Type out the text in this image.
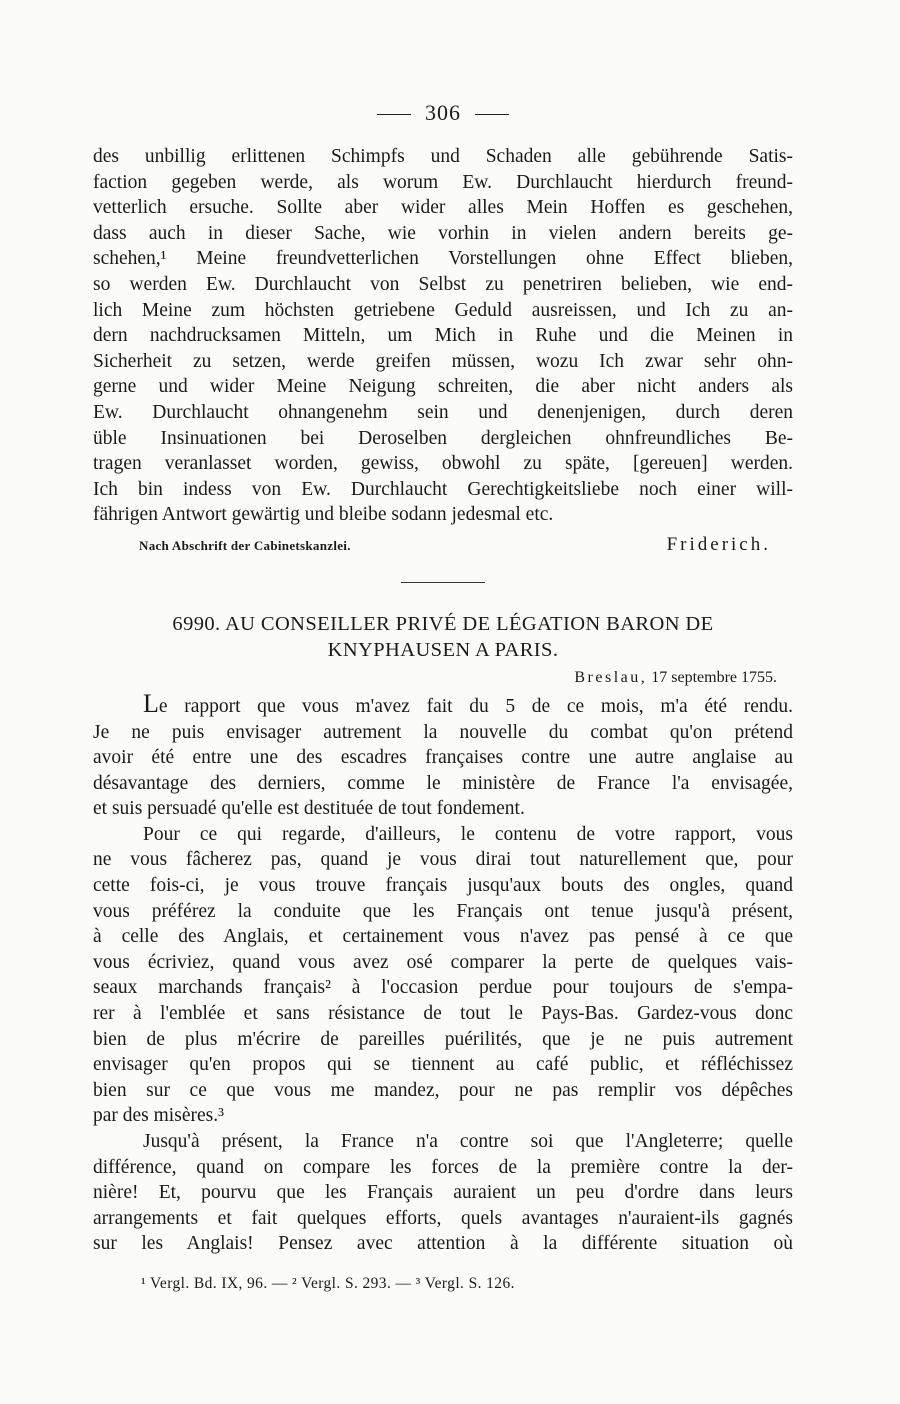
306
des unbillig erlittenen Schimpfs und Schaden alle gebührende Satis-
faction gegeben werde, als worum Ew. Durchlaucht hierdurch freund-
vetterlich ersuche. Sollte aber wider alles Mein Hoffen es geschehen,
dass auch in dieser Sache, wie vorhin in vielen andern bereits ge-
schehen,¹ Meine freundvetterlichen Vorstellungen ohne Effect blieben,
so werden Ew. Durchlaucht von Selbst zu penetriren belieben, wie end-
lich Meine zum höchsten getriebene Geduld ausreissen, und Ich zu an-
dern nachdrucksamen Mitteln, um Mich in Ruhe und die Meinen in
Sicherheit zu setzen, werde greifen müssen, wozu Ich zwar sehr ohn-
gerne und wider Meine Neigung schreiten, die aber nicht anders als
Ew. Durchlaucht ohnangenehm sein und denenjenigen, durch deren
üble Insinuationen bei Deroselben dergleichen ohnfreundliches Be-
tragen veranlasset worden, gewiss, obwohl zu späte, [gereuen] werden.
Ich bin indess von Ew. Durchlaucht Gerechtigkeitsliebe noch einer will-
fährigen Antwort gewärtig und bleibe sodann jedesmal etc.
Nach Abschrift der Cabinetskanzlei.	Friderich.
6990. AU CONSEILLER PRIVÉ DE LÉGATION BARON DE
KNYPHAUSEN A PARIS.
Breslau, 17 septembre 1755.
Le rapport que vous m'avez fait du 5 de ce mois, m'a été rendu.
Je ne puis envisager autrement la nouvelle du combat qu'on prétend
avoir été entre une des escadres françaises contre une autre anglaise au
désavantage des derniers, comme le ministère de France l'a envisagée,
et suis persuadé qu'elle est destituée de tout fondement.
Pour ce qui regarde, d'ailleurs, le contenu de votre rapport, vous
ne vous fâcherez pas, quand je vous dirai tout naturellement que, pour
cette fois-ci, je vous trouve français jusqu'aux bouts des ongles, quand
vous préférez la conduite que les Français ont tenue jusqu'à présent,
à celle des Anglais, et certainement vous n'avez pas pensé à ce que
vous écriviez, quand vous avez osé comparer la perte de quelques vais-
seaux marchands français² à l'occasion perdue pour toujours de s'empa-
rer à l'emblée et sans résistance de tout le Pays-Bas. Gardez-vous donc
bien de plus m'écrire de pareilles puérilités, que je ne puis autrement
envisager qu'en propos qui se tiennent au café public, et réfléchissez
bien sur ce que vous me mandez, pour ne pas remplir vos dépêches
par des misères.³
Jusqu'à présent, la France n'a contre soi que l'Angleterre; quelle
différence, quand on compare les forces de la première contre la der-
nière! Et, pourvu que les Français auraient un peu d'ordre dans leurs
arrangements et fait quelques efforts, quels avantages n'auraient-ils gagnés
sur les Anglais! Pensez avec attention à la différente situation où
¹ Vergl. Bd. IX, 96. — ² Vergl. S. 293. — ³ Vergl. S. 126.
